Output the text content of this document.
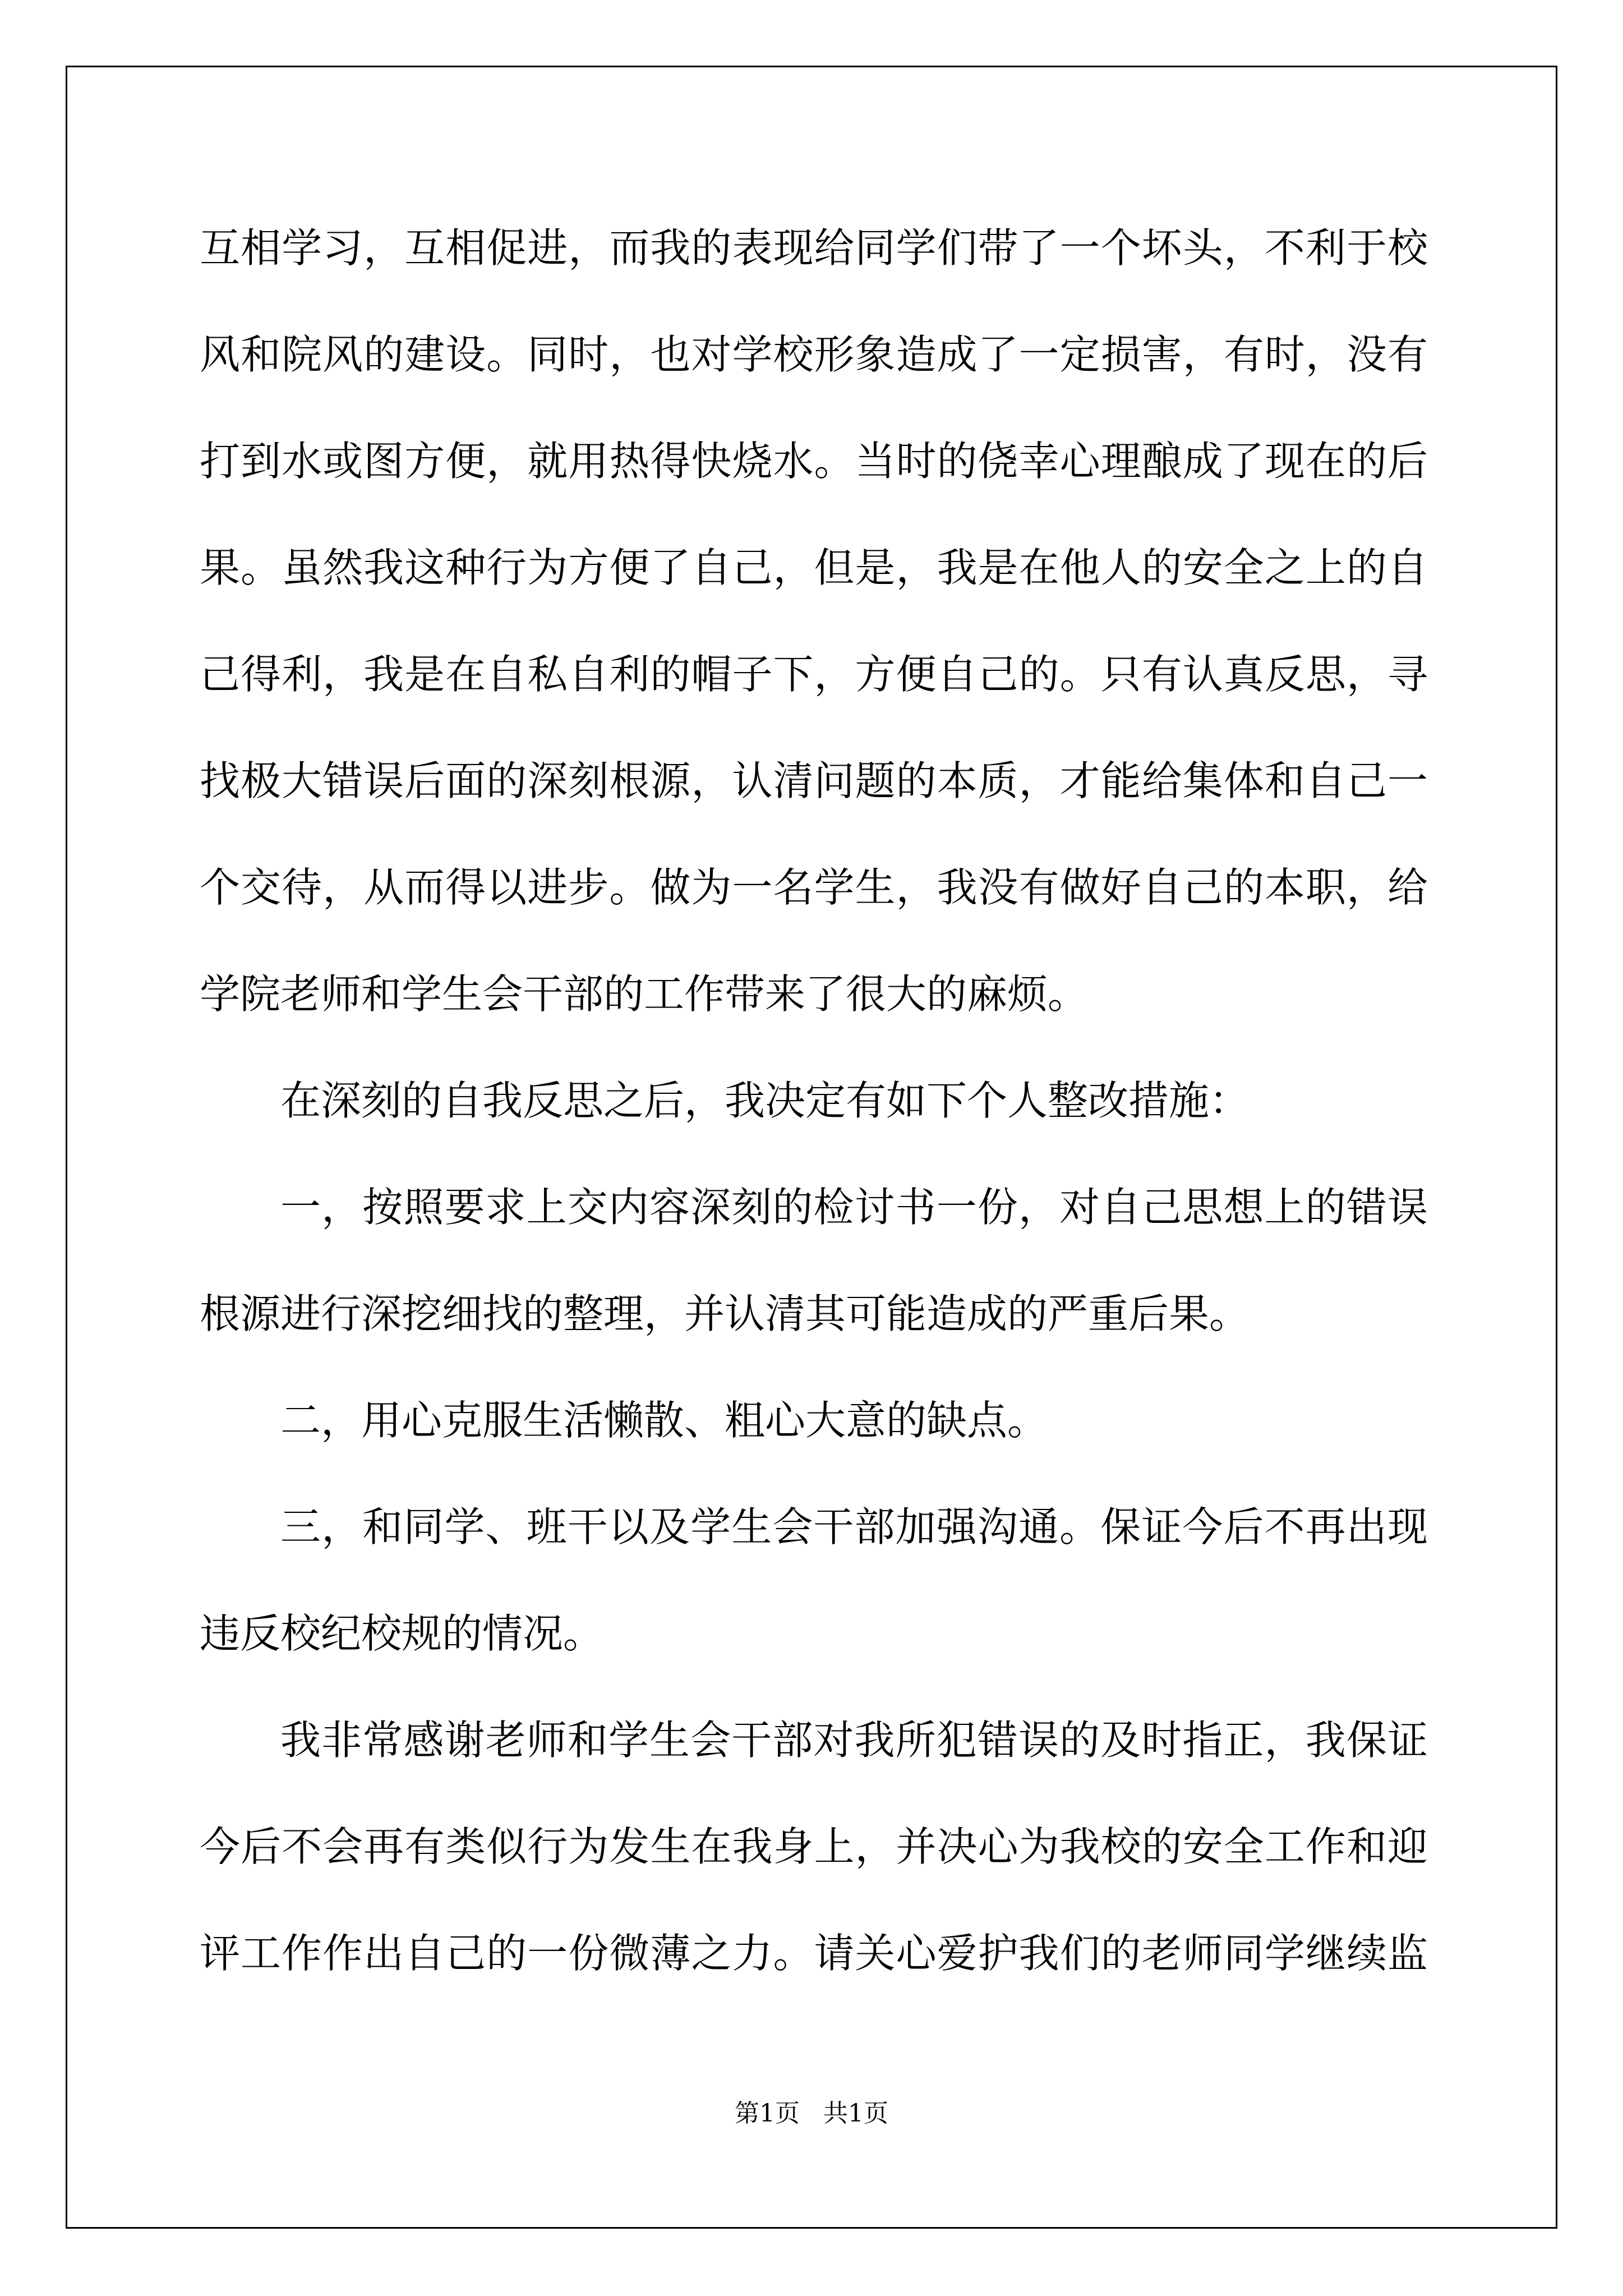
互相学习，互相促进，而我的表现给同学们带了一个坏头，不利于校
风和院风的建设。同时，也对学校形象造成了一定损害，有时，没有
打到水或图方便，就用热得快烧水。当时的侥幸心理酿成了现在的后
果。虽然我这种行为方便了自己，但是，我是在他人的安全之上的自
己得利，我是在自私自利的帽子下，方便自己的。只有认真反思，寻
找极大错误后面的深刻根源，认清问题的本质，才能给集体和自己一
个交待，从而得以进步。做为一名学生，我没有做好自己的本职，给
学院老师和学生会干部的工作带来了很大的麻烦。
在深刻的自我反思之后，我决定有如下个人整改措施：
一，按照要求上交内容深刻的检讨书一份，对自己思想上的错误
根源进行深挖细找的整理，并认清其可能造成的严重后果。
二，用心克服生活懒散、粗心大意的缺点。
三，和同学、班干以及学生会干部加强沟通。保证今后不再出现
违反校纪校规的情况。
我非常感谢老师和学生会干部对我所犯错误的及时指正，我保证
今后不会再有类似行为发生在我身上，并决心为我校的安全工作和迎
评工作作出自己的一份微薄之力。请关心爱护我们的老师同学继续监
第1页   共1页
